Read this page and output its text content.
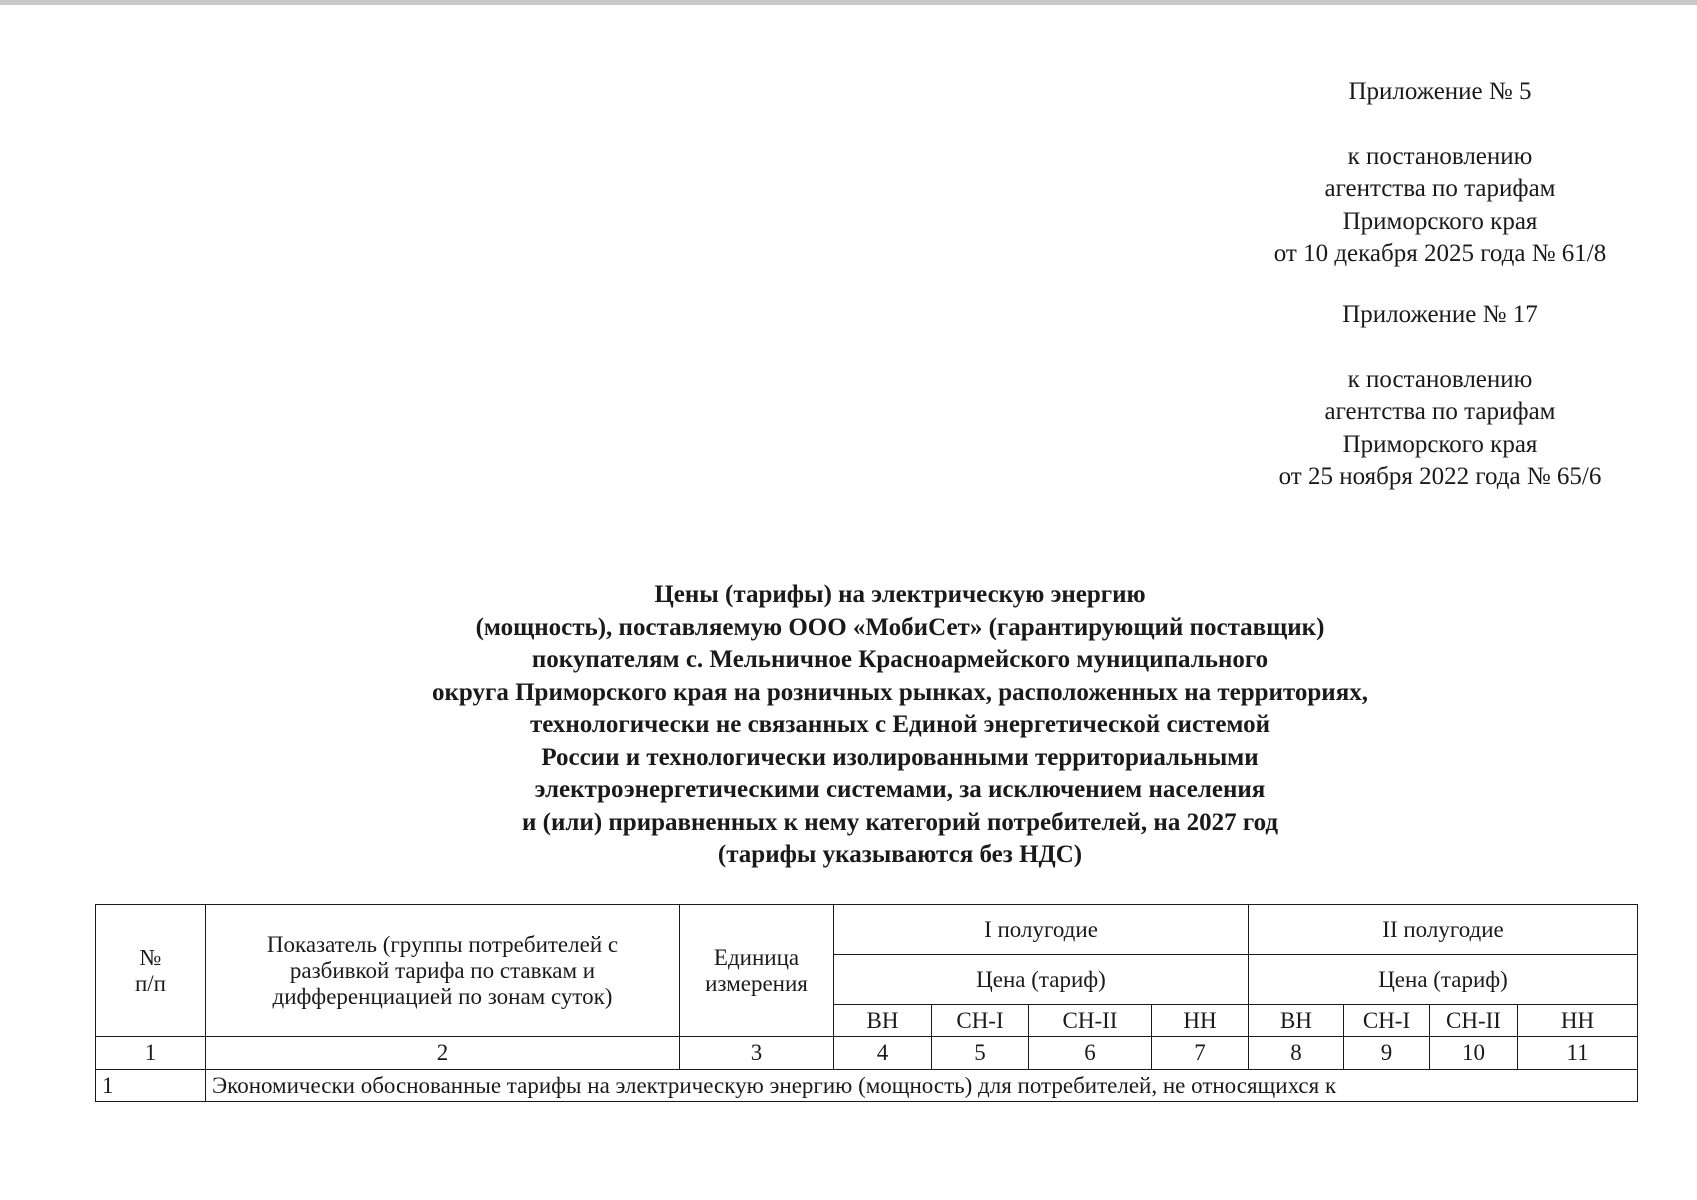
Приложение № 5

к постановлению

агентства по тарифам

Приморского края

от 10 декабря 2025 года № 61/8

Приложение № 17

к постановлению

агентства по тарифам

Приморского края

от 25 ноября 2022 года № 65/6

Цены (тарифы) на электрическую энергию

(мощность), поставляемую ООО «МобиСет» (гарантирующий поставщик)

покупателям с. Мельничное Красноармейского муниципального

округа Приморского края на розничных рынках, расположенных на территориях,

технологически не связанных с Единой энергетической системой

России и технологически изолированными территориальными

электроэнергетическими системами, за исключением населения

и (или) приравненных к нему категорий потребителей, на 2027 год

(тарифы указываются без НДС)

№
п/п	Показатель (группы потребителей с разбивкой тарифа по ставкам и дифференциацией по зонам суток)	Единица измерения	I полугодие				II полугодие			
			Цена (тариф)				Цена (тариф)			
			ВН	СН-I	СН-II	НН	ВН	СН-I	СН-II	НН
1	2	3	4	5	6	7	8	9	10	11
1	Экономически обоснованные тарифы на электрическую энергию (мощность) для потребителей, не относящихся к									
